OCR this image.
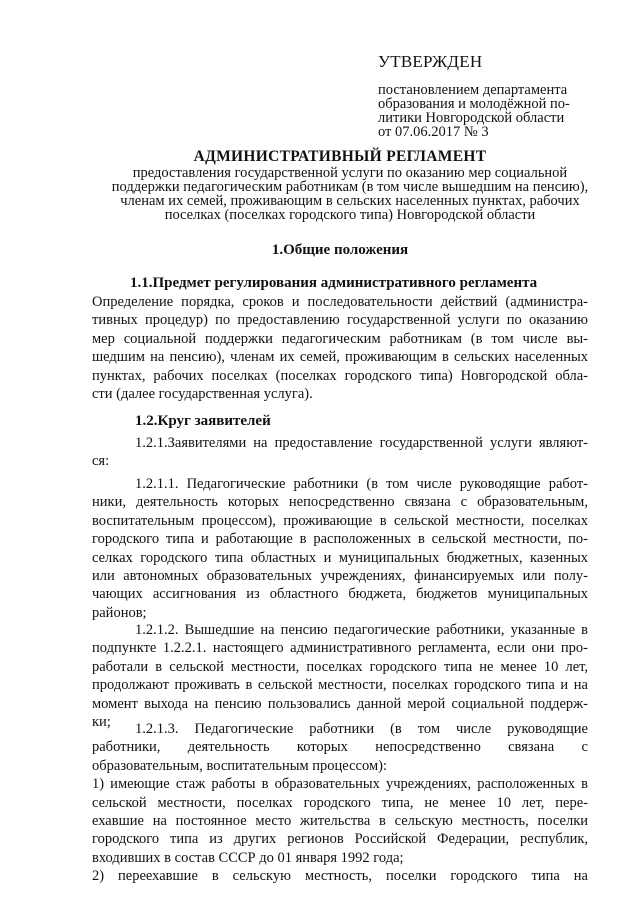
УТВЕРЖДЕН
постановлением департамента
образования и молодёжной по-
литики Новгородской области
от 07.06.2017 № 3
АДМИНИСТРАТИВНЫЙ РЕГЛАМЕНТ
предоставления государственной услуги по оказанию мер социальной
поддержки педагогическим работникам (в том числе вышедшим на пенсию),
членам их семей, проживающим в сельских населенных пунктах, рабочих
поселках (поселках городского типа) Новгородской области
1.Общие положения
1.1.Предмет регулирования административного регламента
Определение порядка, сроков и последовательности действий (администра-
тивных процедур) по предоставлению государственной услуги по оказанию
мер социальной поддержки педагогическим работникам (в том числе вы-
шедшим на пенсию), членам их семей, проживающим в сельских населенных
пунктах, рабочих поселках (поселках городского типа) Новгородской обла-
сти (далее государственная услуга).
1.2.Круг заявителей
1.2.1.Заявителями на предоставление государственной услуги являют-
ся:
1.2.1.1. Педагогические работники (в том числе руководящие работ-
ники, деятельность которых непосредственно связана с образовательным,
воспитательным процессом), проживающие в сельской местности, поселках
городского типа и работающие в расположенных в сельской местности, по-
селках городского типа областных и муниципальных бюджетных, казенных
или автономных образовательных учреждениях, финансируемых или полу-
чающих ассигнования из областного бюджета, бюджетов муниципальных
районов;
1.2.1.2. Вышедшие на пенсию педагогические работники, указанные в
подпункте 1.2.2.1. настоящего административного регламента, если они про-
работали в сельской местности, поселках городского типа не менее 10 лет,
продолжают проживать в сельской местности, поселках городского типа и на
момент выхода на пенсию пользовались данной мерой социальной поддерж-
ки;	1.2.1.3. Педагогические работники (в том числе руководящие
работники, деятельность которых непосредственно связана с
образовательным, воспитательным процессом):
1) имеющие стаж работы в образовательных учреждениях, расположенных в
сельской местности, поселках городского типа, не менее 10 лет, пере-
ехавшие на постоянное место жительства в сельскую местность, поселки
городского типа из других регионов Российской Федерации, республик,
входивших в состав СССР до 01 января 1992 года;
2) переехавшие в сельскую местность, поселки городского типа на
